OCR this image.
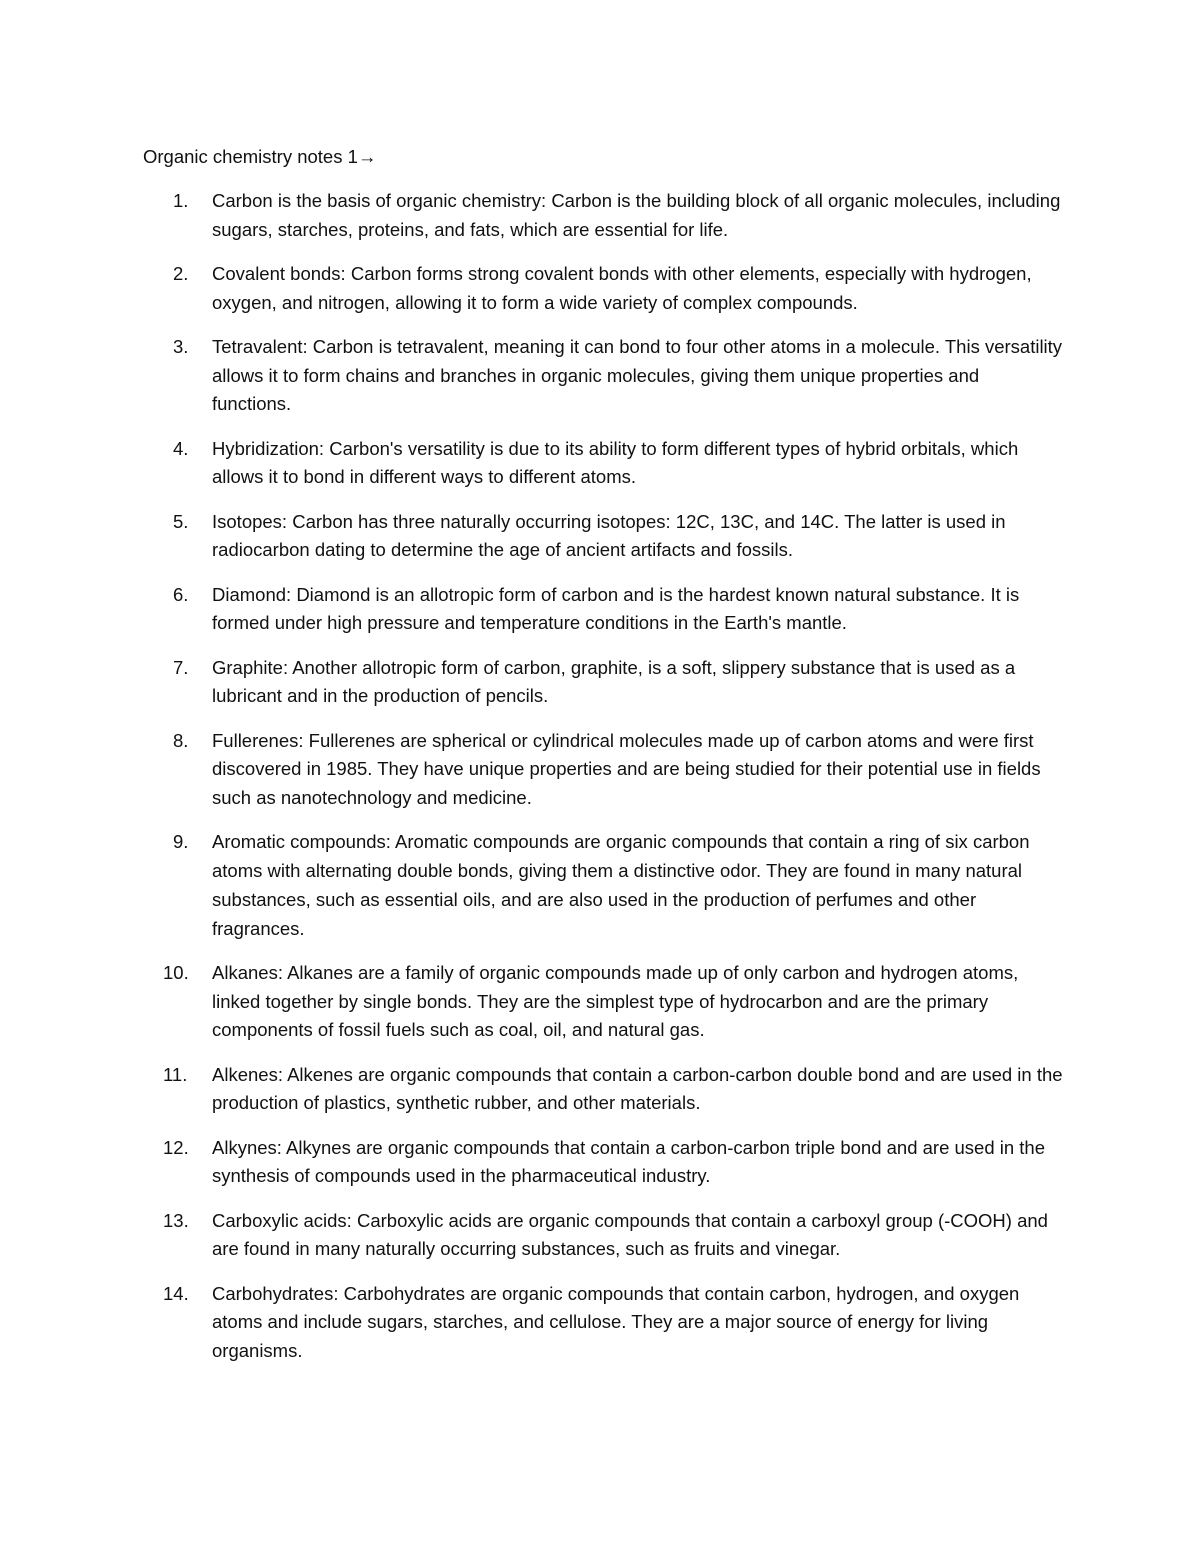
Organic chemistry notes 1→
1.	Carbon is the basis of organic chemistry: Carbon is the building block of all organic molecules, including sugars, starches, proteins, and fats, which are essential for life.
2.	Covalent bonds: Carbon forms strong covalent bonds with other elements, especially with hydrogen, oxygen, and nitrogen, allowing it to form a wide variety of complex compounds.
3.	Tetravalent: Carbon is tetravalent, meaning it can bond to four other atoms in a molecule. This versatility allows it to form chains and branches in organic molecules, giving them unique properties and functions.
4.	Hybridization: Carbon's versatility is due to its ability to form different types of hybrid orbitals, which allows it to bond in different ways to different atoms.
5.	Isotopes: Carbon has three naturally occurring isotopes: 12C, 13C, and 14C. The latter is used in radiocarbon dating to determine the age of ancient artifacts and fossils.
6.	Diamond: Diamond is an allotropic form of carbon and is the hardest known natural substance. It is formed under high pressure and temperature conditions in the Earth's mantle.
7.	Graphite: Another allotropic form of carbon, graphite, is a soft, slippery substance that is used as a lubricant and in the production of pencils.
8.	Fullerenes: Fullerenes are spherical or cylindrical molecules made up of carbon atoms and were first discovered in 1985. They have unique properties and are being studied for their potential use in fields such as nanotechnology and medicine.
9.	Aromatic compounds: Aromatic compounds are organic compounds that contain a ring of six carbon atoms with alternating double bonds, giving them a distinctive odor. They are found in many natural substances, such as essential oils, and are also used in the production of perfumes and other fragrances.
10.	Alkanes: Alkanes are a family of organic compounds made up of only carbon and hydrogen atoms, linked together by single bonds. They are the simplest type of hydrocarbon and are the primary components of fossil fuels such as coal, oil, and natural gas.
11.	Alkenes: Alkenes are organic compounds that contain a carbon-carbon double bond and are used in the production of plastics, synthetic rubber, and other materials.
12.	Alkynes: Alkynes are organic compounds that contain a carbon-carbon triple bond and are used in the synthesis of compounds used in the pharmaceutical industry.
13.	Carboxylic acids: Carboxylic acids are organic compounds that contain a carboxyl group (-COOH) and are found in many naturally occurring substances, such as fruits and vinegar.
14.	Carbohydrates: Carbohydrates are organic compounds that contain carbon, hydrogen, and oxygen atoms and include sugars, starches, and cellulose. They are a major source of energy for living organisms.
